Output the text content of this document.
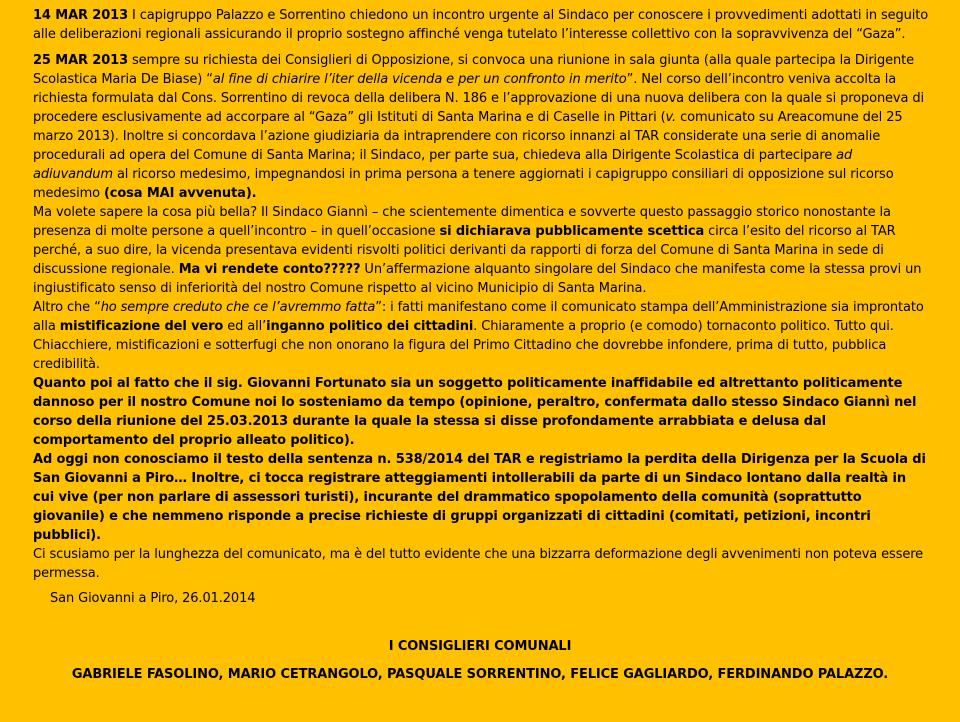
14 MAR 2013 I capigruppo Palazzo e Sorrentino chiedono un incontro urgente al Sindaco per conoscere i provvedimenti adottati in seguito alle deliberazioni regionali assicurando il proprio sostegno affinché venga tutelato l’interesse collettivo con la sopravvivenza del “Gaza”.

25 MAR 2013 sempre su richiesta dei Consiglieri di Opposizione, si convoca una riunione in sala giunta (alla quale partecipa la Dirigente Scolastica Maria De Biase) “al fine di chiarire l’iter della vicenda e per un confronto in merito”. Nel corso dell’incontro veniva accolta la richiesta formulata dal Cons. Sorrentino di revoca della delibera N. 186 e l’approvazione di una nuova delibera con la quale si proponeva di procedere esclusivamente ad accorpare al “Gaza” gli Istituti di Santa Marina e di Caselle in Pittari (v. comunicato su Areacomune del 25 marzo 2013). Inoltre si concordava l’azione giudiziaria da intraprendere con ricorso innanzi al TAR considerate una serie di anomalie procedurali ad opera del Comune di Santa Marina; il Sindaco, per parte sua, chiedeva alla Dirigente Scolastica di partecipare ad adiuvandum al ricorso medesimo, impegnandosi in prima persona a tenere aggiornati i capigruppo consiliari di opposizione sul ricorso medesimo (cosa MAI avvenuta).

Ma volete sapere la cosa più bella? Il Sindaco Giannì – che scientemente dimentica e sovverte questo passaggio storico nonostante la presenza di molte persone a quell’incontro – in quell’occasione si dichiarava pubblicamente scettica circa l’esito del ricorso al TAR perché, a suo dire, la vicenda presentava evidenti risvolti politici derivanti da rapporti di forza del Comune di Santa Marina in sede di discussione regionale. Ma vi rendete conto????? Un’affermazione alquanto singolare del Sindaco che manifesta come la stessa provi un ingiustificato senso di inferiorità del nostro Comune rispetto al vicino Municipio di Santa Marina.

Altro che “ho sempre creduto che ce l’avremmo fatta”: i fatti manifestano come il comunicato stampa dell’Amministrazione sia improntato alla mistificazione del vero ed all’inganno politico dei cittadini. Chiaramente a proprio (e comodo) tornaconto politico. Tutto qui. Chiacchiere, mistificazioni e sotterfugi che non onorano la figura del Primo Cittadino che dovrebbe infondere, prima di tutto, pubblica credibilità.

Quanto poi al fatto che il sig. Giovanni Fortunato sia un soggetto politicamente inaffidabile ed altrettanto politicamente dannoso per il nostro Comune noi lo sosteniamo da tempo (opinione, peraltro, confermata dallo stesso Sindaco Giannì nel corso della riunione del 25.03.2013 durante la quale la stessa si disse profondamente arrabbiata e delusa dal comportamento del proprio alleato politico).

Ad oggi non conosciamo il testo della sentenza n. 538/2014 del TAR e registriamo la perdita della Dirigenza per la Scuola di San Giovanni a Piro… Inoltre, ci tocca registrare atteggiamenti intollerabili da parte di un Sindaco lontano dalla realtà in cui vive (per non parlare di assessori turisti), incurante del drammatico spopolamento della comunità (soprattutto giovanile) e che nemmeno risponde a precise richieste di gruppi organizzati di cittadini (comitati, petizioni, incontri pubblici).

Ci scusiamo per la lunghezza del comunicato, ma è del tutto evidente che una bizzarra deformazione degli avvenimenti non poteva essere permessa.

San Giovanni a Piro, 26.01.2014
I CONSIGLIERI COMUNALI
GABRIELE FASOLINO, MARIO CETRANGOLO, PASQUALE SORRENTINO, FELICE GAGLIARDO, FERDINANDO PALAZZO.
